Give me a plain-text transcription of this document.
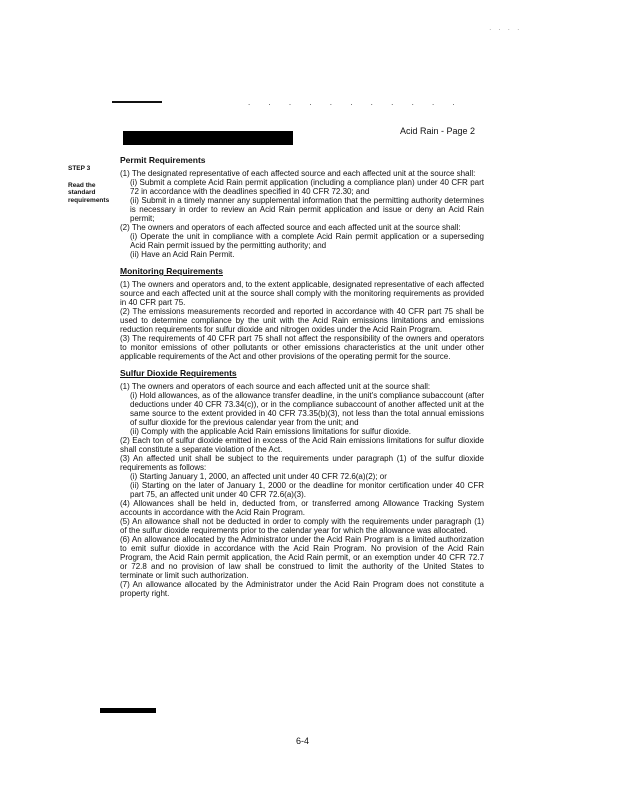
. . . .
. . . . . . . . . . .
Acid Rain - Page 2
STEP 3
Read the standard requirements
Permit Requirements

(1) The designated representative of each affected source and each affected unit at the source shall:

(i) Submit a complete Acid Rain permit application (including a compliance plan) under 40 CFR part 72 in accordance with the deadlines specified in 40 CFR 72.30; and

(ii) Submit in a timely manner any supplemental information that the permitting authority determines is necessary in order to review an Acid Rain permit application and issue or deny an Acid Rain permit;

(2) The owners and operators of each affected source and each affected unit at the source shall:

(i) Operate the unit in compliance with a complete Acid Rain permit application or a superseding Acid Rain permit issued by the permitting authority; and

(ii) Have an Acid Rain Permit.

Monitoring Requirements

(1) The owners and operators and, to the extent applicable, designated representative of each affected source and each affected unit at the source shall comply with the monitoring requirements as provided in 40 CFR part 75.

(2) The emissions measurements recorded and reported in accordance with 40 CFR part 75 shall be used to determine compliance by the unit with the Acid Rain emissions limitations and emissions reduction requirements for sulfur dioxide and nitrogen oxides under the Acid Rain Program.

(3) The requirements of 40 CFR part 75 shall not affect the responsibility of the owners and operators to monitor emissions of other pollutants or other emissions characteristics at the unit under other applicable requirements of the Act and other provisions of the operating permit for the source.

Sulfur Dioxide Requirements

(1) The owners and operators of each source and each affected unit at the source shall:

(i) Hold allowances, as of the allowance transfer deadline, in the unit's compliance subaccount (after deductions under 40 CFR 73.34(c)), or in the compliance subaccount of another affected unit at the same source to the extent provided in 40 CFR 73.35(b)(3), not less than the total annual emissions of sulfur dioxide for the previous calendar year from the unit; and

(ii) Comply with the applicable Acid Rain emissions limitations for sulfur dioxide.

(2) Each ton of sulfur dioxide emitted in excess of the Acid Rain emissions limitations for sulfur dioxide shall constitute a separate violation of the Act.

(3) An affected unit shall be subject to the requirements under paragraph (1) of the sulfur dioxide requirements as follows:

(i) Starting January 1, 2000, an affected unit under 40 CFR 72.6(a)(2); or

(ii) Starting on the later of January 1, 2000 or the deadline for monitor certification under 40 CFR part 75, an affected unit under 40 CFR 72.6(a)(3).

(4) Allowances shall be held in, deducted from, or transferred among Allowance Tracking System accounts in accordance with the Acid Rain Program.

(5) An allowance shall not be deducted in order to comply with the requirements under paragraph (1) of the sulfur dioxide requirements prior to the calendar year for which the allowance was allocated.

(6) An allowance allocated by the Administrator under the Acid Rain Program is a limited authorization to emit sulfur dioxide in accordance with the Acid Rain Program. No provision of the Acid Rain Program, the Acid Rain permit application, the Acid Rain permit, or an exemption under 40 CFR 72.7 or 72.8 and no provision of law shall be construed to limit the authority of the United States to terminate or limit such authorization.

(7) An allowance allocated by the Administrator under the Acid Rain Program does not constitute a property right.

6-4
